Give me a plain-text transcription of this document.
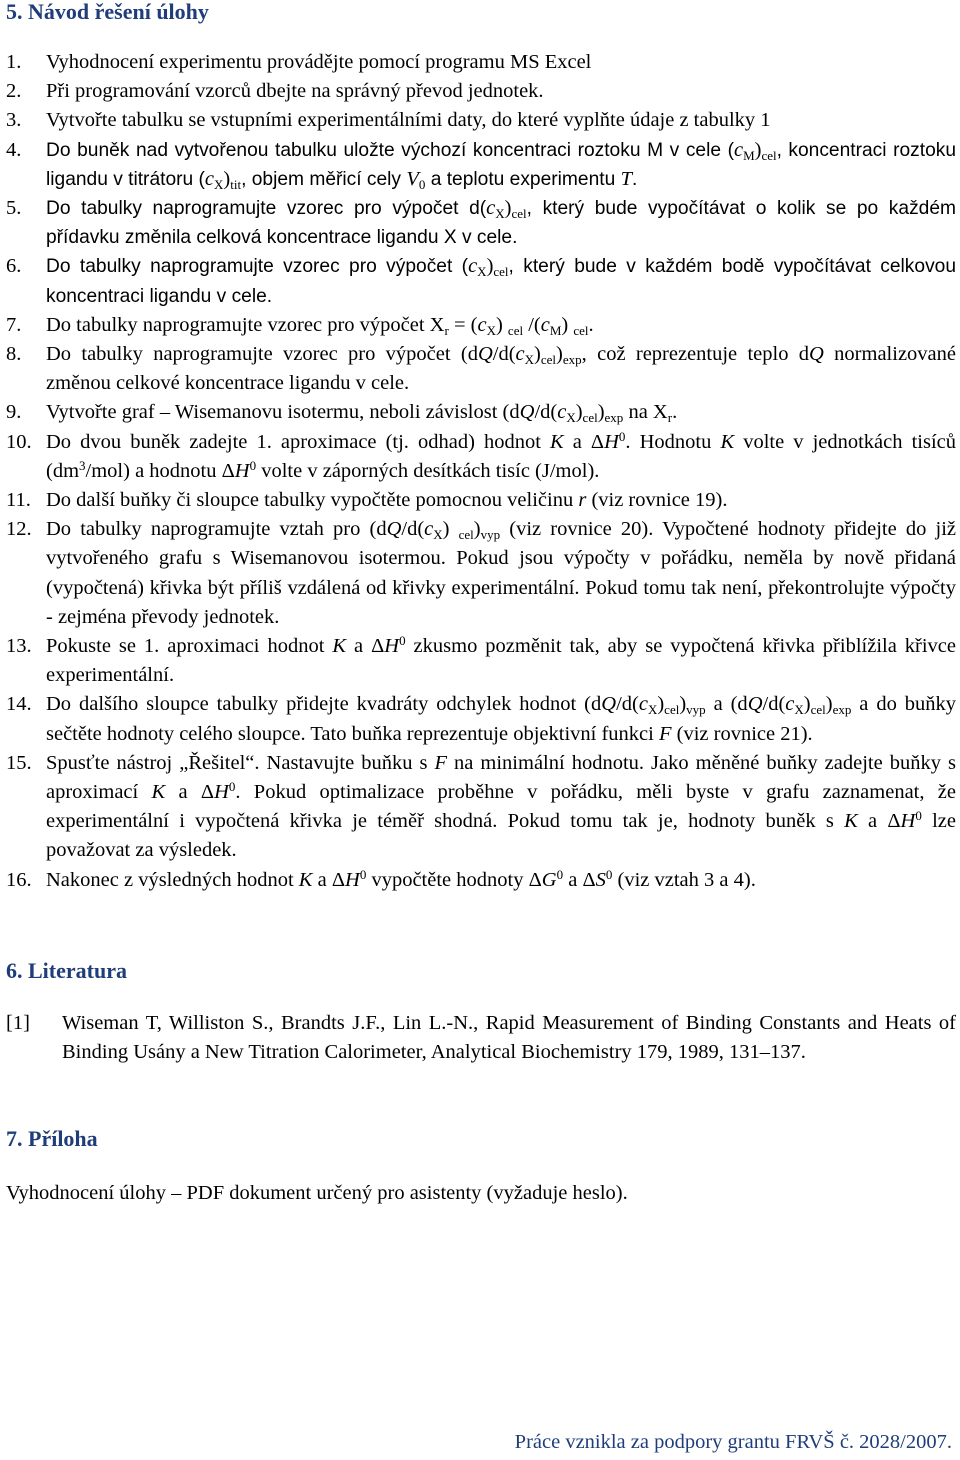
5. Návod řešení úlohy
1. Vyhodnocení experimentu provádějte pomocí programu MS Excel
2. Při programování vzorců dbejte na správný převod jednotek.
3. Vytvořte tabulku se vstupními experimentálními daty, do které vyplňte údaje z tabulky 1
4. Do buněk nad vytvořenou tabulku uložte výchozí koncentraci roztoku M v cele $(c_M)_{cel}$, koncentraci roztoku ligandu v titrátoru $(c_X)_{tit}$, objem měřicí cely $V_0$ a teplotu experimentu T.
5. Do tabulky naprogramujte vzorec pro výpočet $d(c_X)_{cel}$, který bude vypočítávat o kolik se po každém přídavku změnila celková koncentrace ligandu X v cele.
6. Do tabulky naprogramujte vzorec pro výpočet $(c_X)_{cel}$, který bude v každém bodě vypočítávat celkovou koncentraci ligandu v cele.
7. Do tabulky naprogramujte vzorec pro výpočet $X_r = (c_X)$ $_{cel}$ $/(c_M)$ $_{cel}$.
8. Do tabulky naprogramujte vzorec pro výpočet $(dQ/d(c_X)_{cel})_{exp}$, což reprezentuje teplo dQ normalizované změnou celkové koncentrace ligandu v cele.
9. Vytvořte graf – Wisemanovu isotermu, neboli závislost $(dQ/d(c_X)_{cel})_{exp}$ na $X_r$.
10. Do dvou buněk zadejte 1. aproximace (tj. odhad) hodnot K a $\Delta H^0$. Hodnotu K volte v jednotkách tisíců $(dm^3/mol)$ a hodnotu $\Delta H^0$ volte v záporných desítkách tisíc (J/mol).
11. Do další buňky či sloupce tabulky vypočtěte pomocnou veličinu r (viz rovnice 19).
12. Do tabulky naprogramujte vztah pro ($dQ/d(c_X)$ $_{cel})_{vyp}$ (viz rovnice 20). Vypočtené hodnoty přidejte do již vytvořeného grafu s Wisemanovou isotermou. Pokud jsou výpočty v pořádku, neměla by nově přidaná (vypočtená) křivka být příliš vzdálená od křivky experimentální. Pokud tomu tak není, překontrolujte výpočty - zejména převody jednotek.
13. Pokuste se 1. aproximaci hodnot K a $\Delta H^0$ zkusmo pozměnit tak, aby se vypočtená křivka přiblížila křivce experimentální.
14. Do dalšího sloupce tabulky přidejte kvadráty odchylek hodnot $(dQ/d(c_X)_{cel})_{vyp}$ a $(dQ/d(c_X)_{cel})_{exp}$ a do buňky sečtěte hodnoty celého sloupce. Tato buňka reprezentuje objektivní funkci F (viz rovnice 21).
15. Spusťte nástroj „Řešitel“. Nastavujte buňku s F na minimální hodnotu. Jako měněné buňky zadejte buňky s aproximací K a $\Delta H^0$. Pokud optimalizace proběhne v pořádku, měli byste v grafu zaznamenat, že experimentální i vypočtená křivka je téměř shodná. Pokud tomu tak je, hodnoty buněk s K a $\Delta H^0$ lze považovat za výsledek.
16. Nakonec z výsledných hodnot K a $\Delta H^0$ vypočtěte hodnoty $\Delta G^0$ a $\Delta S^0$ (viz vztah 3 a 4).
6. Literatura
[1] Wiseman T, Williston S., Brandts J.F., Lin L.-N., Rapid Measurement of Binding Constants and Heats of Binding Usány a New Titration Calorimeter, Analytical Biochemistry 179, 1989, 131–137.
7. Příloha
Vyhodnocení úlohy – PDF dokument určený pro asistenty (vyžaduje heslo).
Práce vznikla za podpory grantu FRVŠ č. 2028/2007.
